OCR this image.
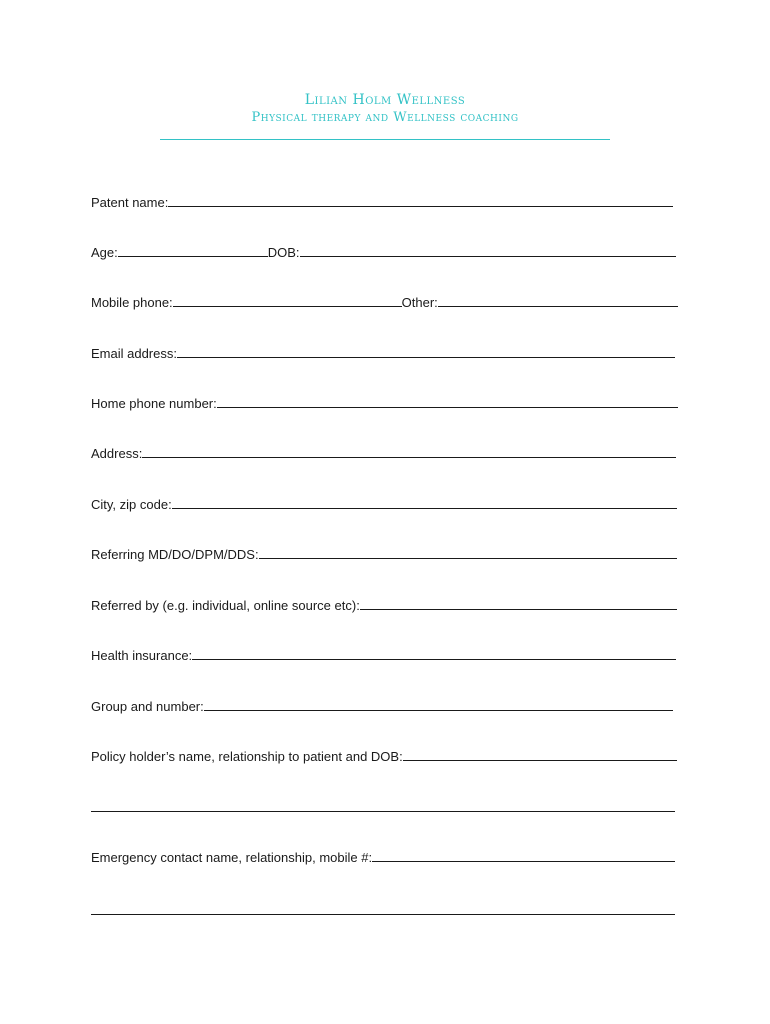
Lilian Holm Wellness
Physical therapy and Wellness coaching
Patent name:
Age:	DOB:
Mobile phone:	Other:
Email address:
Home phone number:
Address:
City, zip code:
Referring MD/DO/DPM/DDS:
Referred by (e.g. individual, online source etc):
Health insurance:
Group and number:
Policy holder’s name, relationship to patient and DOB:
Emergency contact name, relationship, mobile #:
